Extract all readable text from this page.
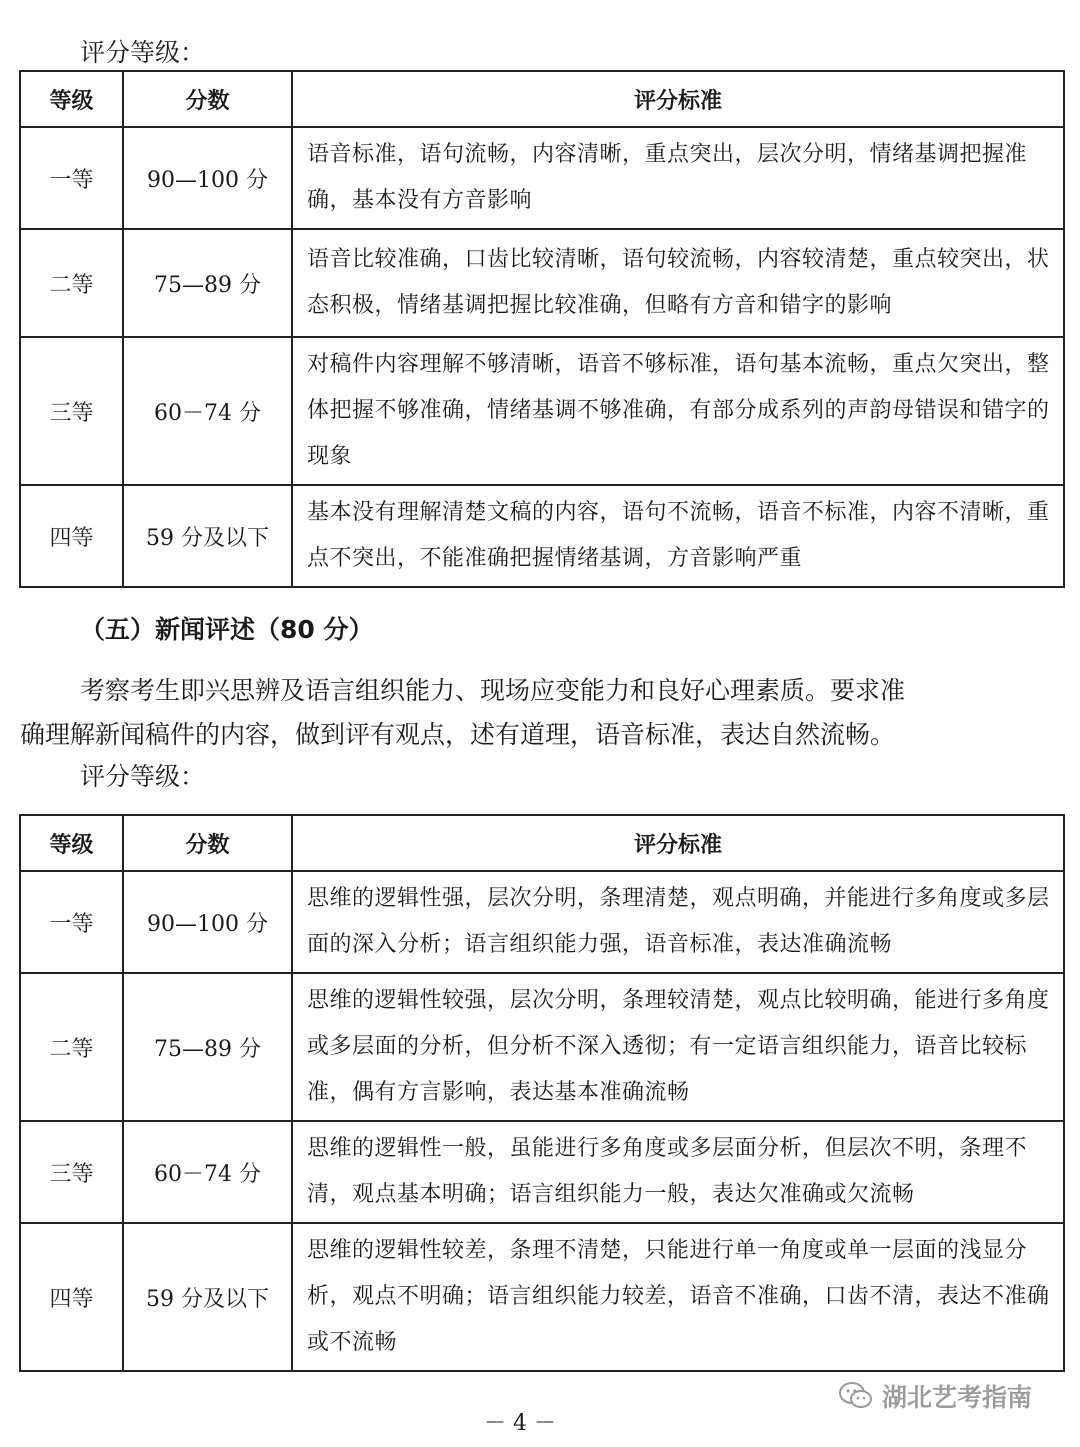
评分等级：
等级	分数	评分标准
一等	90—100 分	语音标准，语句流畅，内容清晰，重点突出，层次分明，情绪基调把握准确，基本没有方音影响
二等	75—89 分	语音比较准确，口齿比较清晰，语句较流畅，内容较清楚，重点较突出，状态积极，情绪基调把握比较准确，但略有方音和错字的影响
三等	60－74 分	对稿件内容理解不够清晰，语音不够标准，语句基本流畅，重点欠突出，整体把握不够准确，情绪基调不够准确，有部分成系列的声韵母错误和错字的现象
四等	59 分及以下	基本没有理解清楚文稿的内容，语句不流畅，语音不标准，内容不清晰，重点不突出，不能准确把握情绪基调，方音影响严重
（五）新闻评述（80 分）
考察考生即兴思辨及语言组织能力、现场应变能力和良好心理素质。要求准
确理解新闻稿件的内容，做到评有观点，述有道理，语音标准，表达自然流畅。
评分等级：
等级	分数	评分标准
一等	90—100 分	思维的逻辑性强，层次分明，条理清楚，观点明确，并能进行多角度或多层面的深入分析；语言组织能力强，语音标准，表达准确流畅
二等	75—89 分	思维的逻辑性较强，层次分明，条理较清楚，观点比较明确，能进行多角度或多层面的分析，但分析不深入透彻；有一定语言组织能力，语音比较标准，偶有方言影响，表达基本准确流畅
三等	60－74 分	思维的逻辑性一般，虽能进行多角度或多层面分析，但层次不明，条理不清，观点基本明确；语言组织能力一般，表达欠准确或欠流畅
四等	59 分及以下	思维的逻辑性较差，条理不清楚，只能进行单一角度或单一层面的浅显分析，观点不明确；语言组织能力较差，语音不准确，口齿不清，表达不准确或不流畅
湖北艺考指南
－ 4 －
